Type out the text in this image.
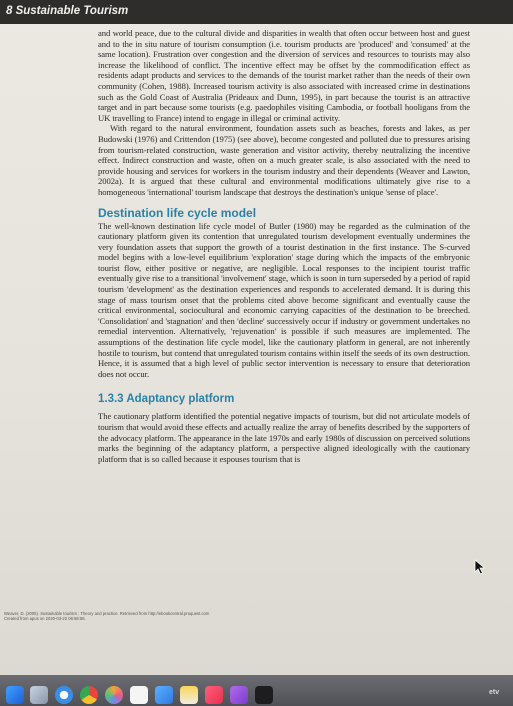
8 Sustainable Tourism

and world peace, due to the cultural divide and disparities in wealth that often occur between host and guest and to the in situ nature of tourism consumption (i.e. tourism products are 'produced' and 'consumed' at the same location). Frustration over congestion and the diversion of services and resources to tourists may also increase the likelihood of conflict. The incentive effect may be offset by the commodification effect as residents adapt products and services to the demands of the tourist market rather than the needs of their own community (Cohen, 1988). Increased tourism activity is also associated with increased crime in destinations such as the Gold Coast of Australia (Prideaux and Dunn, 1995), in part because the tourist is an attractive target and in part because some tourists (e.g. paedophiles visiting Cambodia, or football hooligans from the UK travelling to France) intend to engage in illegal or criminal activity.

With regard to the natural environment, foundation assets such as beaches, forests and lakes, as per Budowski (1976) and Crittendon (1975) (see above), become congested and polluted due to pressures arising from tourism-related construction, waste generation and visitor activity, thereby neutralizing the incentive effect. Indirect construction and waste, often on a much greater scale, is also associated with the need to provide housing and services for workers in the tourism industry and their dependents (Weaver and Lawton, 2002a). It is argued that these cultural and environmental modifications ultimately give rise to a homogeneous 'international' tourism landscape that destroys the destination's unique 'sense of place'.

Destination life cycle model

The well-known destination life cycle model of Butler (1980) may be regarded as the culmination of the cautionary platform given its contention that unregulated tourism development eventually undermines the very foundation assets that support the growth of a tourist destination in the first instance. The S-curved model begins with a low-level equilibrium 'exploration' stage during which the impacts of the embryonic tourist flow, either positive or negative, are negligible. Local responses to the incipient tourist traffic eventually give rise to a transitional 'involvement' stage, which is soon in turn superseded by a period of rapid tourism 'development' as the destination experiences and responds to accelerated demand. It is during this stage of mass tourism onset that the problems cited above become significant and eventually cause the critical environmental, sociocultural and economic carrying capacities of the destination to be breeched. 'Consolidation' and 'stagnation' and then 'decline' successively occur if industry or government undertakes no remedial intervention. Alternatively, 'rejuvenation' is possible if such measures are implemented. The assumptions of the destination life cycle model, like the cautionary platform in general, are not inherently hostile to tourism, but contend that unregulated tourism contains within itself the seeds of its own destruction. Hence, it is assumed that a high level of public sector intervention is necessary to ensure that deterioration does not occur.

1.3.3 Adaptancy platform

The cautionary platform identified the potential negative impacts of tourism, but did not articulate models of tourism that would avoid these effects and actually realize the array of benefits described by the supporters of the advocacy platform. The appearance in the late 1970s and early 1980s of discussion on perceived solutions marks the beginning of the adaptancy platform, a perspective aligned ideologically with the cautionary platform that is so called because it espouses tourism that is

Weaver, D. (2005). Sustainable tourism : Theory and practice. Retrieved from http://ebookcentral.proquest.com
Created from apus on 2020-03-22 06:58:56.
etv
